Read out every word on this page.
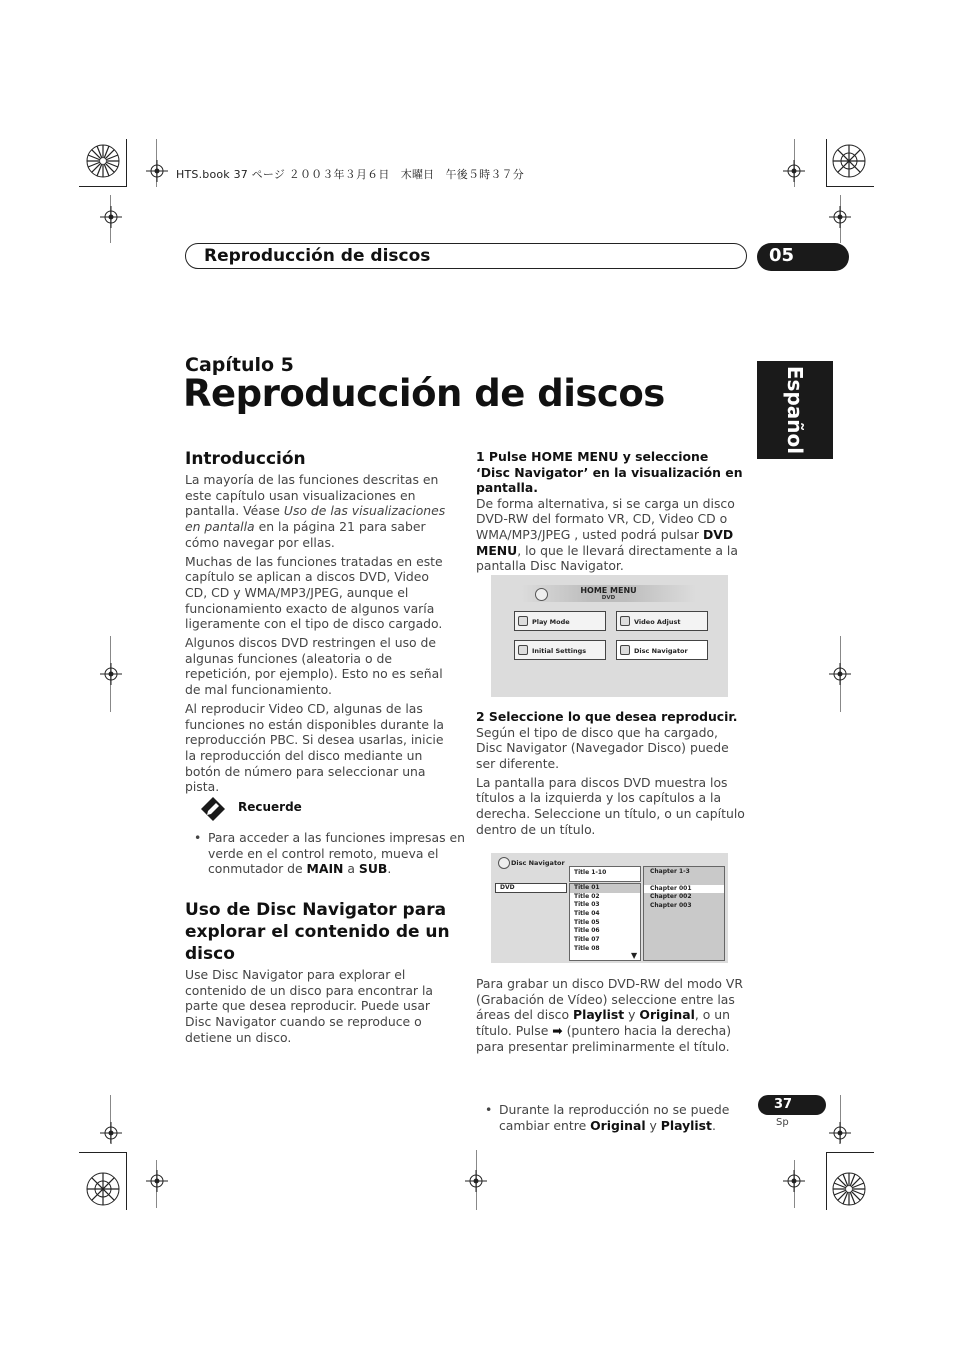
HTS.book 37 ページ ２００３年３月６日　木曜日　午後５時３７分
Reproducción de discos	05
Español
Capítulo 5
Reproducción de discos
Introducción

La mayoría de las funciones descritas en este capítulo usan visualizaciones en pantalla. Véase Uso de las visualizaciones en pantalla en la página 21 para saber cómo navegar por ellas.

Muchas de las funciones tratadas en este capítulo se aplican a discos DVD, Video CD, CD y WMA/MP3/JPEG, aunque el funcionamiento exacto de algunos varía ligeramente con el tipo de disco cargado.

Algunos discos DVD restringen el uso de algunas funciones (aleatoria o de repetición, por ejemplo). Esto no es señal de mal funcionamiento.

Al reproducir Video CD, algunas de las funciones no están disponibles durante la reproducción PBC. Si desea usarlas, inicie la reproducción del disco mediante un botón de número para seleccionar una pista.

Recuerde
• Para acceder a las funciones impresas en verde en el control remoto, mueva el conmutador de MAIN a SUB.
Uso de Disc Navigator para explorar el contenido de un disco
Use Disc Navigator para explorar el contenido de un disco para encontrar la parte que desea reproducir. Puede usar Disc Navigator cuando se reproduce o detiene un disco.
1 Pulse HOME MENU y seleccione ‘Disc Navigator’ en la visualización en pantalla.
De forma alternativa, si se carga un disco DVD-RW del formato VR, CD, Video CD o WMA/MP3/JPEG , usted podrá pulsar DVD MENU, lo que le llevará directamente a la pantalla Disc Navigator.
HOME MENU
DVD
Play Mode	Video Adjust
Initial Settings	Disc Navigator
2 Seleccione lo que desea reproducir.

Según el tipo de disco que ha cargado, Disc Navigator (Navegador Disco) puede ser diferente.

La pantalla para discos DVD muestra los títulos a la izquierda y los capítulos a la derecha. Seleccione un título, o un capítulo dentro de un título.

Disc Navigator
DVD
Title 1-10
Title 01
Title 02
Title 03
Title 04
Title 05
Title 06
Title 07
Title 08
▼
Chapter 1-3
Chapter 001
Chapter 002
Chapter 003
Para grabar un disco DVD-RW del modo VR (Grabación de Vídeo) seleccione entre las áreas del disco Playlist y Original, o un título. Pulse ➡ (puntero hacia la derecha) para presentar preliminarmente el título.
• Durante la reproducción no se puede cambiar entre Original y Playlist.
37
Sp
